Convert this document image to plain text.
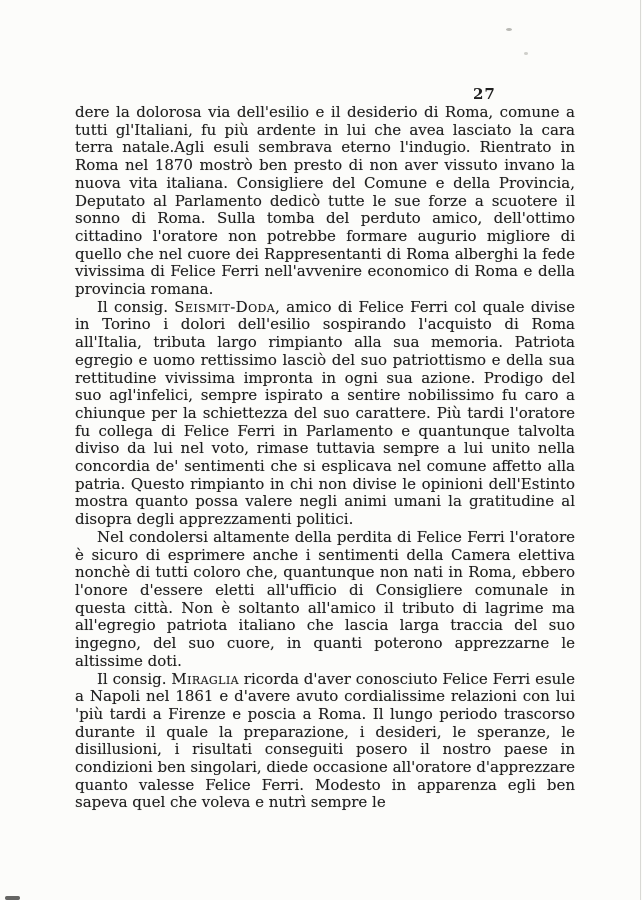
27

dere la dolorosa via dell'esilio e il desiderio di Roma, comune a tutti gl'Italiani, fu più ardente in lui che avea lasciato la cara terra natale.Agli esuli sembrava eterno l'indugio. Rientrato in Roma nel 1870 mostrò ben presto di non aver vissuto invano la nuova vita italiana. Consigliere del Comune e della Provincia, Deputato al Parlamento dedicò tutte le sue forze a scuotere il sonno di Roma. Sulla tomba del perduto amico, dell'ottimo cittadino l'oratore non potrebbe formare augurio migliore di quello che nel cuore dei Rappresentanti di Roma alberghi la fede vivissima di Felice Ferri nell'avvenire economico di Roma e della provincia romana.

Il consig. Seismit-Doda, amico di Felice Ferri col quale divise in Torino i dolori dell'esilio sospirando l'acquisto di Roma all'Italia, tributa largo rimpianto alla sua memoria. Patriota egregio e uomo rettissimo lasciò del suo patriottismo e della sua rettitudine vivissima impronta in ogni sua azione. Prodigo del suo agl'infelici, sempre ispirato a sentire nobilissimo fu caro a chiunque per la schiettezza del suo carattere. Più tardi l'oratore fu collega di Felice Ferri in Parlamento e quantunque talvolta diviso da lui nel voto, rimase tuttavia sempre a lui unito nella concordia de' sentimenti che si esplicava nel comune affetto alla patria. Questo rimpianto in chi non divise le opinioni dell'Estinto mostra quanto possa valere negli animi umani la gratitudine al disopra degli apprezzamenti politici.

Nel condolersi altamente della perdita di Felice Ferri l'oratore è sicuro di esprimere anche i sentimenti della Camera elettiva nonchè di tutti coloro che, quantunque non nati in Roma, ebbero l'onore d'essere eletti all'ufficio di Consigliere comunale in questa città. Non è soltanto all'amico il tributo di lagrime ma all'egregio patriota italiano che lascia larga traccia del suo ingegno, del suo cuore, in quanti poterono apprezzarne le altissime doti.

Il consig. Miraglia ricorda d'aver conosciuto Felice Ferri esule a Napoli nel 1861 e d'avere avuto cordialissime relazioni con lui 'più tardi a Firenze e poscia a Roma. Il lungo periodo trascorso durante il quale la preparazione, i desideri, le speranze, le disillusioni, i risultati conseguiti posero il nostro paese in condizioni ben singolari, diede occasione all'oratore d'apprezzare quanto valesse Felice Ferri. Modesto in apparenza egli ben sapeva quel che voleva e nutrì sempre le
